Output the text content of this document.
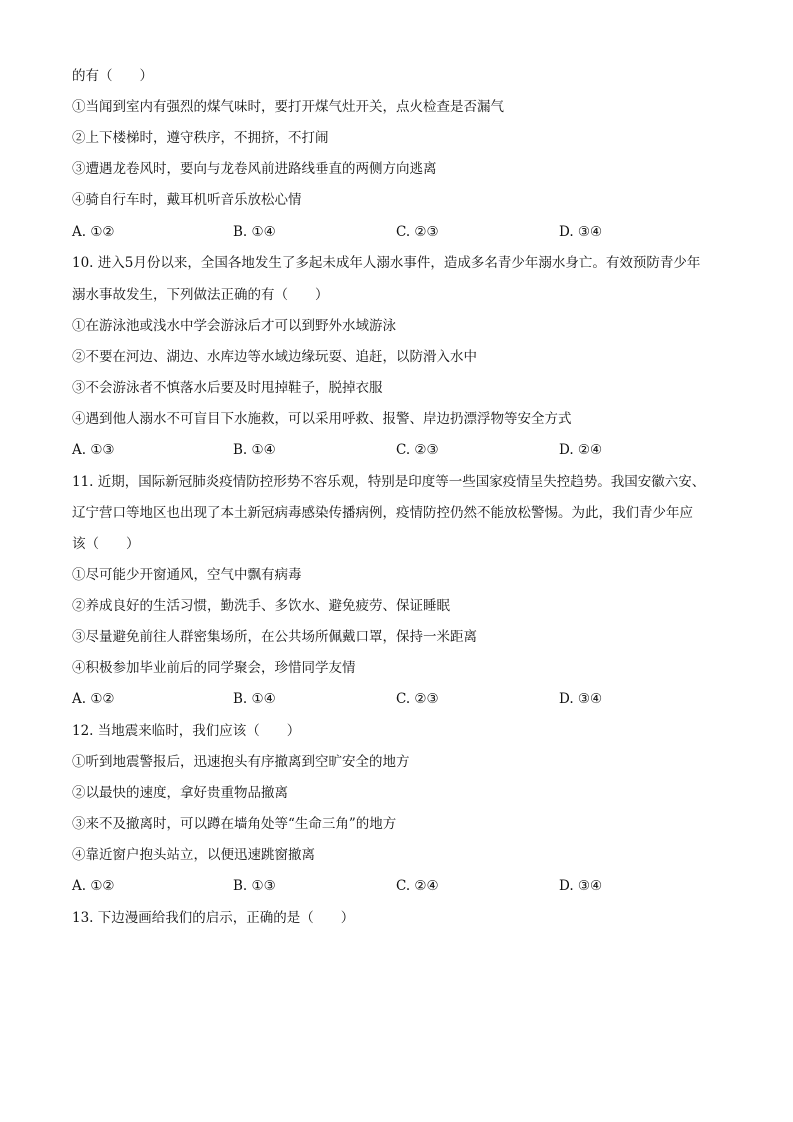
的有（　　）
①当闻到室内有强烈的煤气味时，要打开煤气灶开关，点火检查是否漏气
②上下楼梯时，遵守秩序，不拥挤，不打闹
③遭遇龙卷风时，要向与龙卷风前进路线垂直的两侧方向逃离
④骑自行车时，戴耳机听音乐放松心情
A. ①②	B. ①④	C. ②③	D. ③④
10. 进入5月份以来，全国各地发生了多起未成年人溺水事件，造成多名青少年溺水身亡。有效预防青少年
溺水事故发生，下列做法正确的有（　　）
①在游泳池或浅水中学会游泳后才可以到野外水域游泳
②不要在河边、湖边、水库边等水域边缘玩耍、追赶，以防滑入水中
③不会游泳者不慎落水后要及时甩掉鞋子，脱掉衣服
④遇到他人溺水不可盲目下水施救，可以采用呼救、报警、岸边扔漂浮物等安全方式
A. ①③	B. ①④	C. ②③	D. ②④
11. 近期，国际新冠肺炎疫情防控形势不容乐观，特别是印度等一些国家疫情呈失控趋势。我国安徽六安、
辽宁营口等地区也出现了本土新冠病毒感染传播病例，疫情防控仍然不能放松警惕。为此，我们青少年应
该（　　）
①尽可能少开窗通风，空气中飘有病毒
②养成良好的生活习惯，勤洗手、多饮水、避免疲劳、保证睡眠
③尽量避免前往人群密集场所，在公共场所佩戴口罩，保持一米距离
④积极参加毕业前后的同学聚会，珍惜同学友情
A. ①②	B. ①④	C. ②③	D. ③④
12. 当地震来临时，我们应该（　　）
①听到地震警报后，迅速抱头有序撤离到空旷安全的地方
②以最快的速度，拿好贵重物品撤离
③来不及撤离时，可以蹲在墙角处等“生命三角”的地方
④靠近窗户抱头站立，以便迅速跳窗撤离
A. ①②	B. ①③	C. ②④	D. ③④
13. 下边漫画给我们的启示，正确的是（　　）
